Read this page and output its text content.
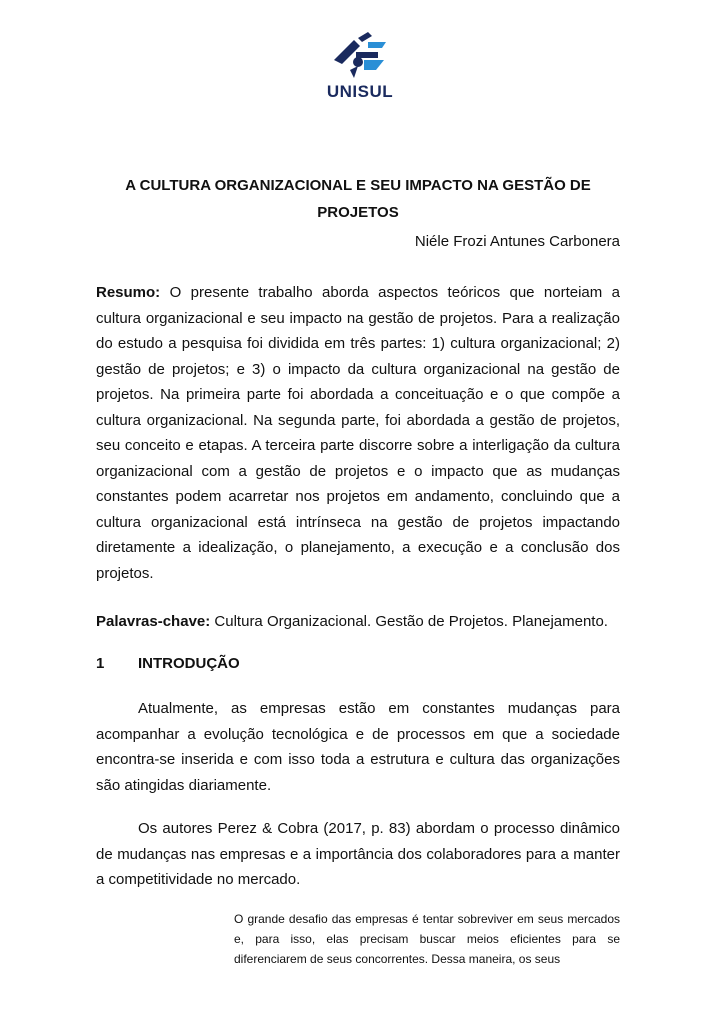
UNISUL
A CULTURA ORGANIZACIONAL E SEU IMPACTO NA GESTÃO DE PROJETOS
Niéle Frozi Antunes Carbonera
Resumo: O presente trabalho aborda aspectos teóricos que norteiam a cultura organizacional e seu impacto na gestão de projetos. Para a realização do estudo a pesquisa foi dividida em três partes: 1) cultura organizacional; 2) gestão de projetos; e 3) o impacto da cultura organizacional na gestão de projetos. Na primeira parte foi abordada a conceituação e o que compõe a cultura organizacional. Na segunda parte, foi abordada a gestão de projetos, seu conceito e etapas. A terceira parte discorre sobre a interligação da cultura organizacional com a gestão de projetos e o impacto que as mudanças constantes podem acarretar nos projetos em andamento, concluindo que a cultura organizacional está intrínseca na gestão de projetos impactando diretamente a idealização, o planejamento, a execução e a conclusão dos projetos.
Palavras-chave: Cultura Organizacional. Gestão de Projetos. Planejamento.
1 INTRODUÇÃO
Atualmente, as empresas estão em constantes mudanças para acompanhar a evolução tecnológica e de processos em que a sociedade encontra-se inserida e com isso toda a estrutura e cultura das organizações são atingidas diariamente.
Os autores Perez & Cobra (2017, p. 83) abordam o processo dinâmico de mudanças nas empresas e a importância dos colaboradores para a manter a competitividade no mercado.
O grande desafio das empresas é tentar sobreviver em seus mercados e, para isso, elas precisam buscar meios eficientes para se diferenciarem de seus concorrentes. Dessa maneira, os seus
